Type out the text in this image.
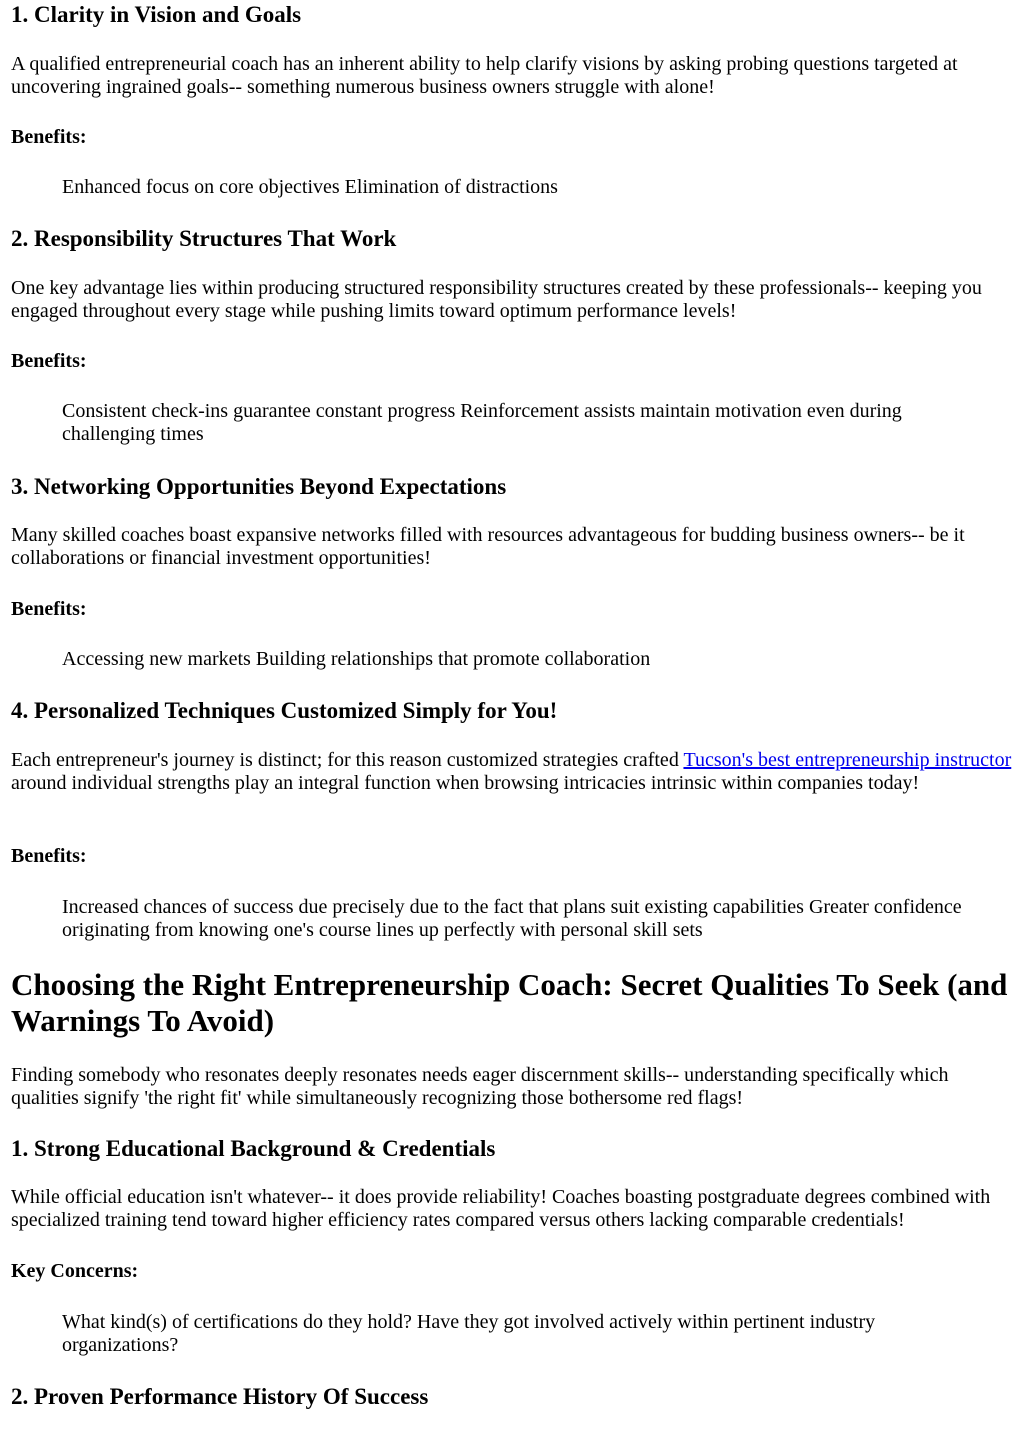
1. Clarity in Vision and Goals

A qualified entrepreneurial coach has an inherent ability to help clarify visions by asking probing questions targeted at uncovering ingrained goals-- something numerous business owners struggle with alone!

Benefits:

Enhanced focus on core objectives Elimination of distractions
2. Responsibility Structures That Work

One key advantage lies within producing structured responsibility structures created by these professionals-- keeping you engaged throughout every stage while pushing limits toward optimum performance levels!

Benefits:

Consistent check-ins guarantee constant progress Reinforcement assists maintain motivation even during challenging times
3. Networking Opportunities Beyond Expectations

Many skilled coaches boast expansive networks filled with resources advantageous for budding business owners-- be it collaborations or financial investment opportunities!

Benefits:

Accessing new markets Building relationships that promote collaboration
4. Personalized Techniques Customized Simply for You!

Each entrepreneur's journey is distinct; for this reason customized strategies crafted Tucson's best entrepreneurship instructor around individual strengths play an integral function when browsing intricacies intrinsic within companies today!

Benefits:

Increased chances of success due precisely due to the fact that plans suit existing capabilities Greater confidence originating from knowing one's course lines up perfectly with personal skill sets
Choosing the Right Entrepreneurship Coach: Secret Qualities To Seek (and Warnings To Avoid)

Finding somebody who resonates deeply resonates needs eager discernment skills-- understanding specifically which qualities signify 'the right fit' while simultaneously recognizing those bothersome red flags!

1. Strong Educational Background & Credentials

While official education isn't whatever-- it does provide reliability! Coaches boasting postgraduate degrees combined with specialized training tend toward higher efficiency rates compared versus others lacking comparable credentials!

Key Concerns:

What kind(s) of certifications do they hold? Have they got involved actively within pertinent industry organizations?
2. Proven Performance History Of Success
